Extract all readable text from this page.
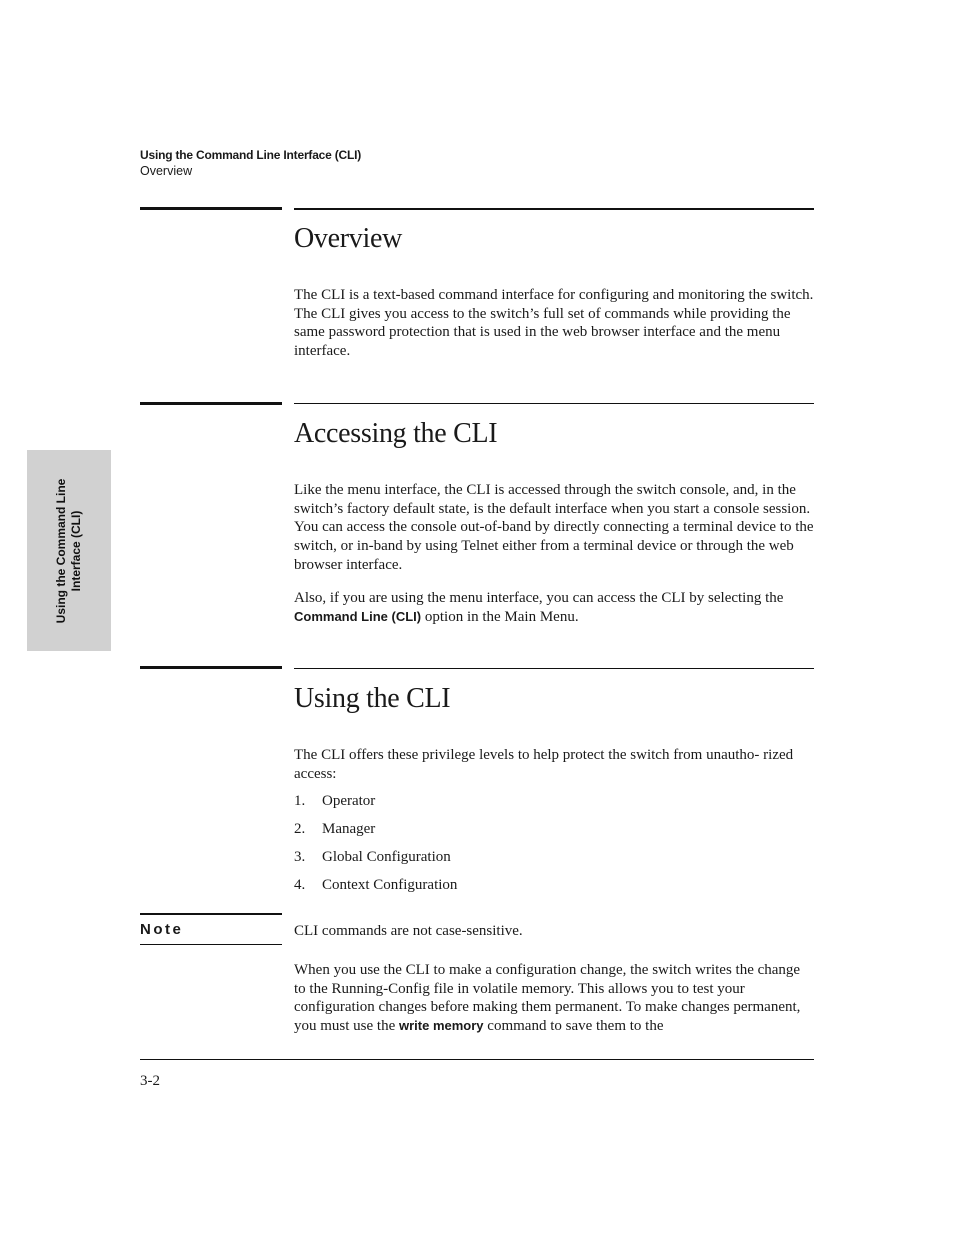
Using the Command Line Interface (CLI)
Overview
Using the Command Line Interface (CLI)
Overview

The CLI is a text-based command interface for configuring and monitoring the switch. The CLI gives you access to the switch’s full set of commands while providing the same password protection that is used in the web browser interface and the menu interface.

Accessing the CLI

Like the menu interface, the CLI is accessed through the switch console, and, in the switch’s factory default state, is the default interface when you start a console session. You can access the console out-of-band by directly connecting a terminal device to the switch, or in-band by using Telnet either from a terminal device or through the web browser interface.

Also, if you are using the menu interface, you can access the CLI by selecting the Command Line (CLI) option in the Main Menu.

Using the CLI

The CLI offers these privilege levels to help protect the switch from unautho- rized access:

1. Operator
2. Manager
3. Global Configuration
4. Context Configuration
Note	CLI commands are not case-sensitive.

When you use the CLI to make a configuration change, the switch writes the change to the Running-Config file in volatile memory. This allows you to test your configuration changes before making them permanent. To make changes permanent, you must use the write memory command to save them to the

3-2
